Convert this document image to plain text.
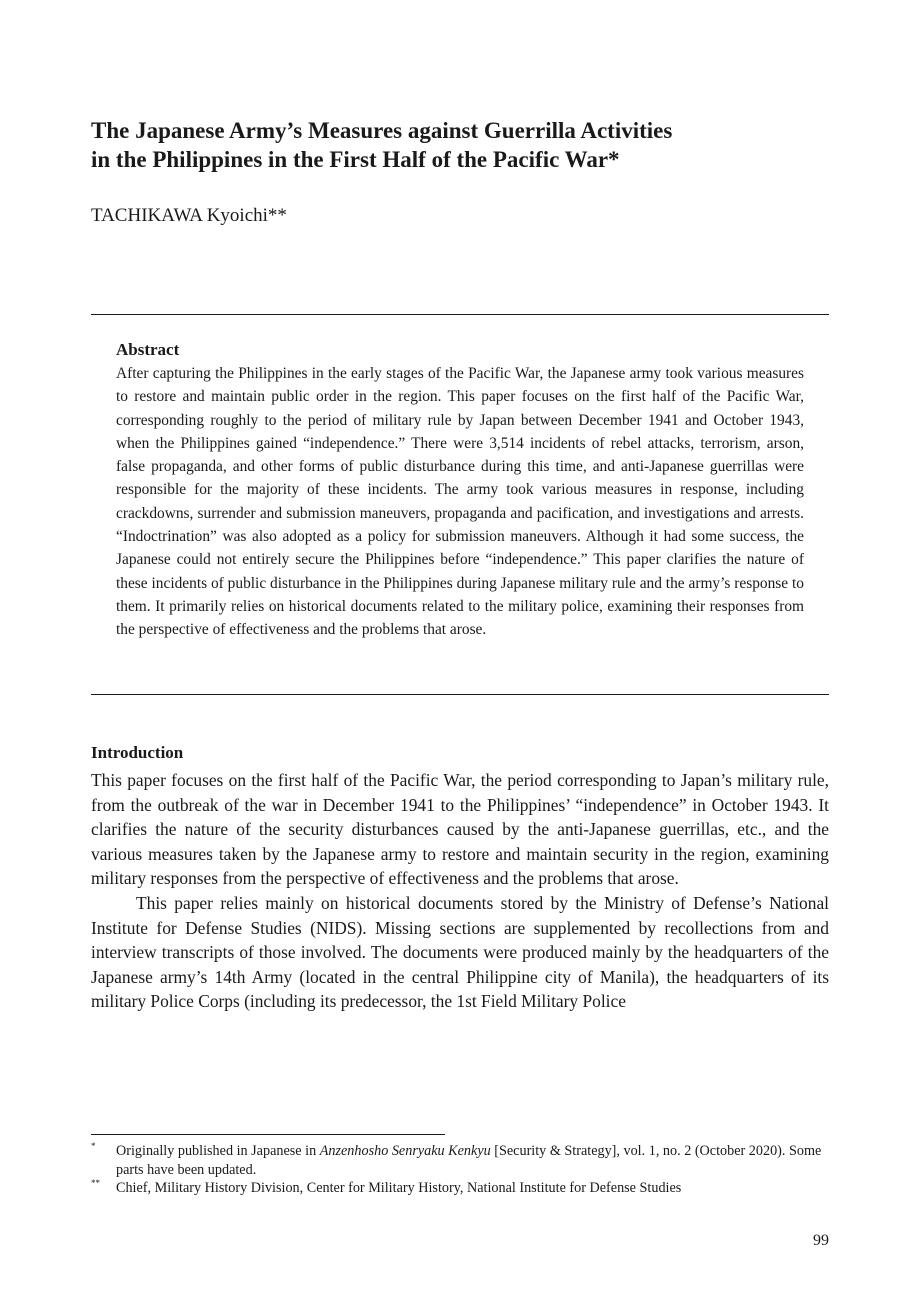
The Japanese Army’s Measures against Guerrilla Activities
in the Philippines in the First Half of the Pacific War*

TACHIKAWA Kyoichi**

Abstract

After capturing the Philippines in the early stages of the Pacific War, the Japanese army took various measures to restore and maintain public order in the region. This paper focuses on the first half of the Pacific War, corresponding roughly to the period of military rule by Japan between December 1941 and October 1943, when the Philippines gained “independence.” There were 3,514 incidents of rebel attacks, terrorism, arson, false propaganda, and other forms of public disturbance during this time, and anti-Japanese guerrillas were responsible for the majority of these incidents. The army took various measures in response, including crackdowns, surrender and submission maneuvers, propaganda and pacification, and investigations and arrests. “Indoctrination” was also adopted as a policy for submission maneuvers. Although it had some success, the Japanese could not entirely secure the Philippines before “independence.” This paper clarifies the nature of these incidents of public disturbance in the Philippines during Japanese military rule and the army’s response to them. It primarily relies on historical documents related to the military police, examining their responses from the perspective of effectiveness and the problems that arose.

Introduction

This paper focuses on the first half of the Pacific War, the period corresponding to Japan’s military rule, from the outbreak of the war in December 1941 to the Philippines’ “independence” in October 1943. It clarifies the nature of the security disturbances caused by the anti-Japanese guerrillas, etc., and the various measures taken by the Japanese army to restore and maintain security in the region, examining military responses from the perspective of effectiveness and the problems that arose.

This paper relies mainly on historical documents stored by the Ministry of Defense’s National Institute for Defense Studies (NIDS). Missing sections are supplemented by recollections from and interview transcripts of those involved. The documents were produced mainly by the headquarters of the Japanese army’s 14th Army (located in the central Philippine city of Manila), the headquarters of its military Police Corps (including its predecessor, the 1st Field Military Police

* Originally published in Japanese in Anzenhosho Senryaku Kenkyu [Security & Strategy], vol. 1, no. 2 (October 2020). Some parts have been updated.
** Chief, Military History Division, Center for Military History, National Institute for Defense Studies
99
